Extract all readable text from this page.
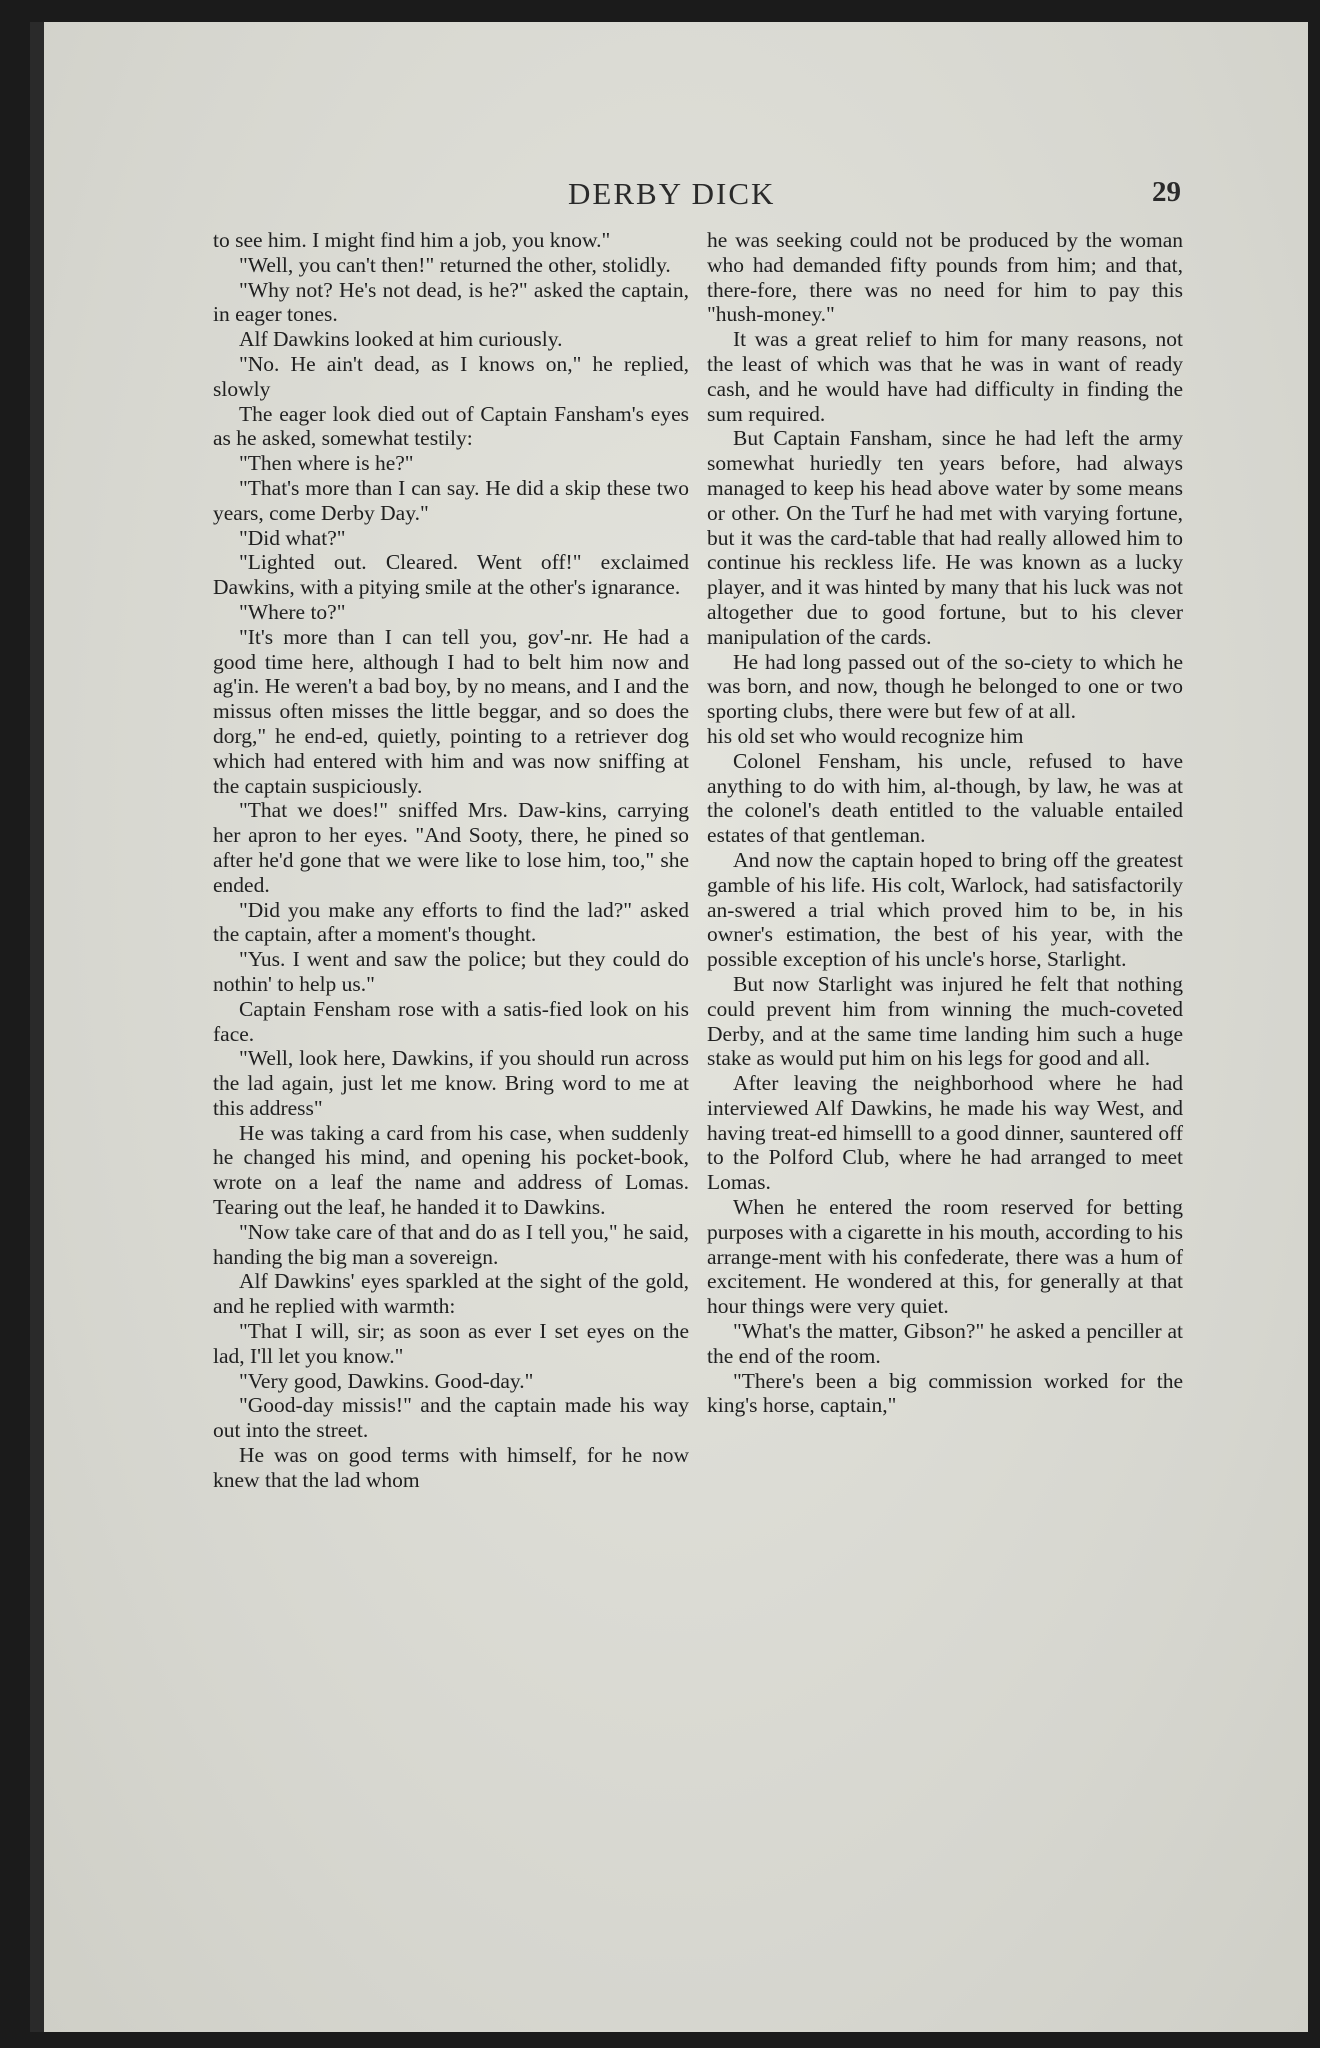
DERBY DICK	29

to see him. I might find him a job, you know."

"Well, you can't then!" returned the other, stolidly.

"Why not? He's not dead, is he?" asked the captain, in eager tones.

Alf Dawkins looked at him curiously.

"No. He ain't dead, as I knows on," he replied, slowly

The eager look died out of Captain Fansham's eyes as he asked, somewhat testily:

"Then where is he?"

"That's more than I can say. He did a skip these two years, come Derby Day."

"Did what?"

"Lighted out. Cleared. Went off!" exclaimed Dawkins, with a pitying smile at the other's ignarance.

"Where to?"

"It's more than I can tell you, gov'-nr. He had a good time here, although I had to belt him now and ag'in. He weren't a bad boy, by no means, and I and the missus often misses the little beggar, and so does the dorg," he end-ed, quietly, pointing to a retriever dog which had entered with him and was now sniffing at the captain suspiciously.

"That we does!" sniffed Mrs. Daw-kins, carrying her apron to her eyes. "And Sooty, there, he pined so after he'd gone that we were like to lose him, too," she ended.

"Did you make any efforts to find the lad?" asked the captain, after a moment's thought.

"Yus. I went and saw the police; but they could do nothin' to help us."

Captain Fensham rose with a satis-fied look on his face.

"Well, look here, Dawkins, if you should run across the lad again, just let me know. Bring word to me at this address"

He was taking a card from his case, when suddenly he changed his mind, and opening his pocket-book, wrote on a leaf the name and address of Lomas. Tearing out the leaf, he handed it to Dawkins.

"Now take care of that and do as I tell you," he said, handing the big man a sovereign.

Alf Dawkins' eyes sparkled at the sight of the gold, and he replied with warmth:

"That I will, sir; as soon as ever I set eyes on the lad, I'll let you know."

"Very good, Dawkins. Good-day."

"Good-day missis!" and the captain made his way out into the street.

He was on good terms with himself, for he now knew that the lad whom

he was seeking could not be produced by the woman who had demanded fifty pounds from him; and that, there-fore, there was no need for him to pay this "hush-money."

It was a great relief to him for many reasons, not the least of which was that he was in want of ready cash, and he would have had difficulty in finding the sum required.

But Captain Fansham, since he had left the army somewhat huriedly ten years before, had always managed to keep his head above water by some means or other. On the Turf he had met with varying fortune, but it was the card-table that had really allowed him to continue his reckless life. He was known as a lucky player, and it was hinted by many that his luck was not altogether due to good fortune, but to his clever manipulation of the cards.

He had long passed out of the so-ciety to which he was born, and now, though he belonged to one or two sporting clubs, there were but few of at all.

his old set who would recognize him

Colonel Fensham, his uncle, refused to have anything to do with him, al-though, by law, he was at the colonel's death entitled to the valuable entailed estates of that gentleman.

And now the captain hoped to bring off the greatest gamble of his life. His colt, Warlock, had satisfactorily an-swered a trial which proved him to be, in his owner's estimation, the best of his year, with the possible exception of his uncle's horse, Starlight.

But now Starlight was injured he felt that nothing could prevent him from winning the much-coveted Derby, and at the same time landing him such a huge stake as would put him on his legs for good and all.

After leaving the neighborhood where he had interviewed Alf Dawkins, he made his way West, and having treat-ed himselll to a good dinner, sauntered off to the Polford Club, where he had arranged to meet Lomas.

When he entered the room reserved for betting purposes with a cigarette in his mouth, according to his arrange-ment with his confederate, there was a hum of excitement. He wondered at this, for generally at that hour things were very quiet.

"What's the matter, Gibson?" he asked a penciller at the end of the room.

"There's been a big commission worked for the king's horse, captain,"
